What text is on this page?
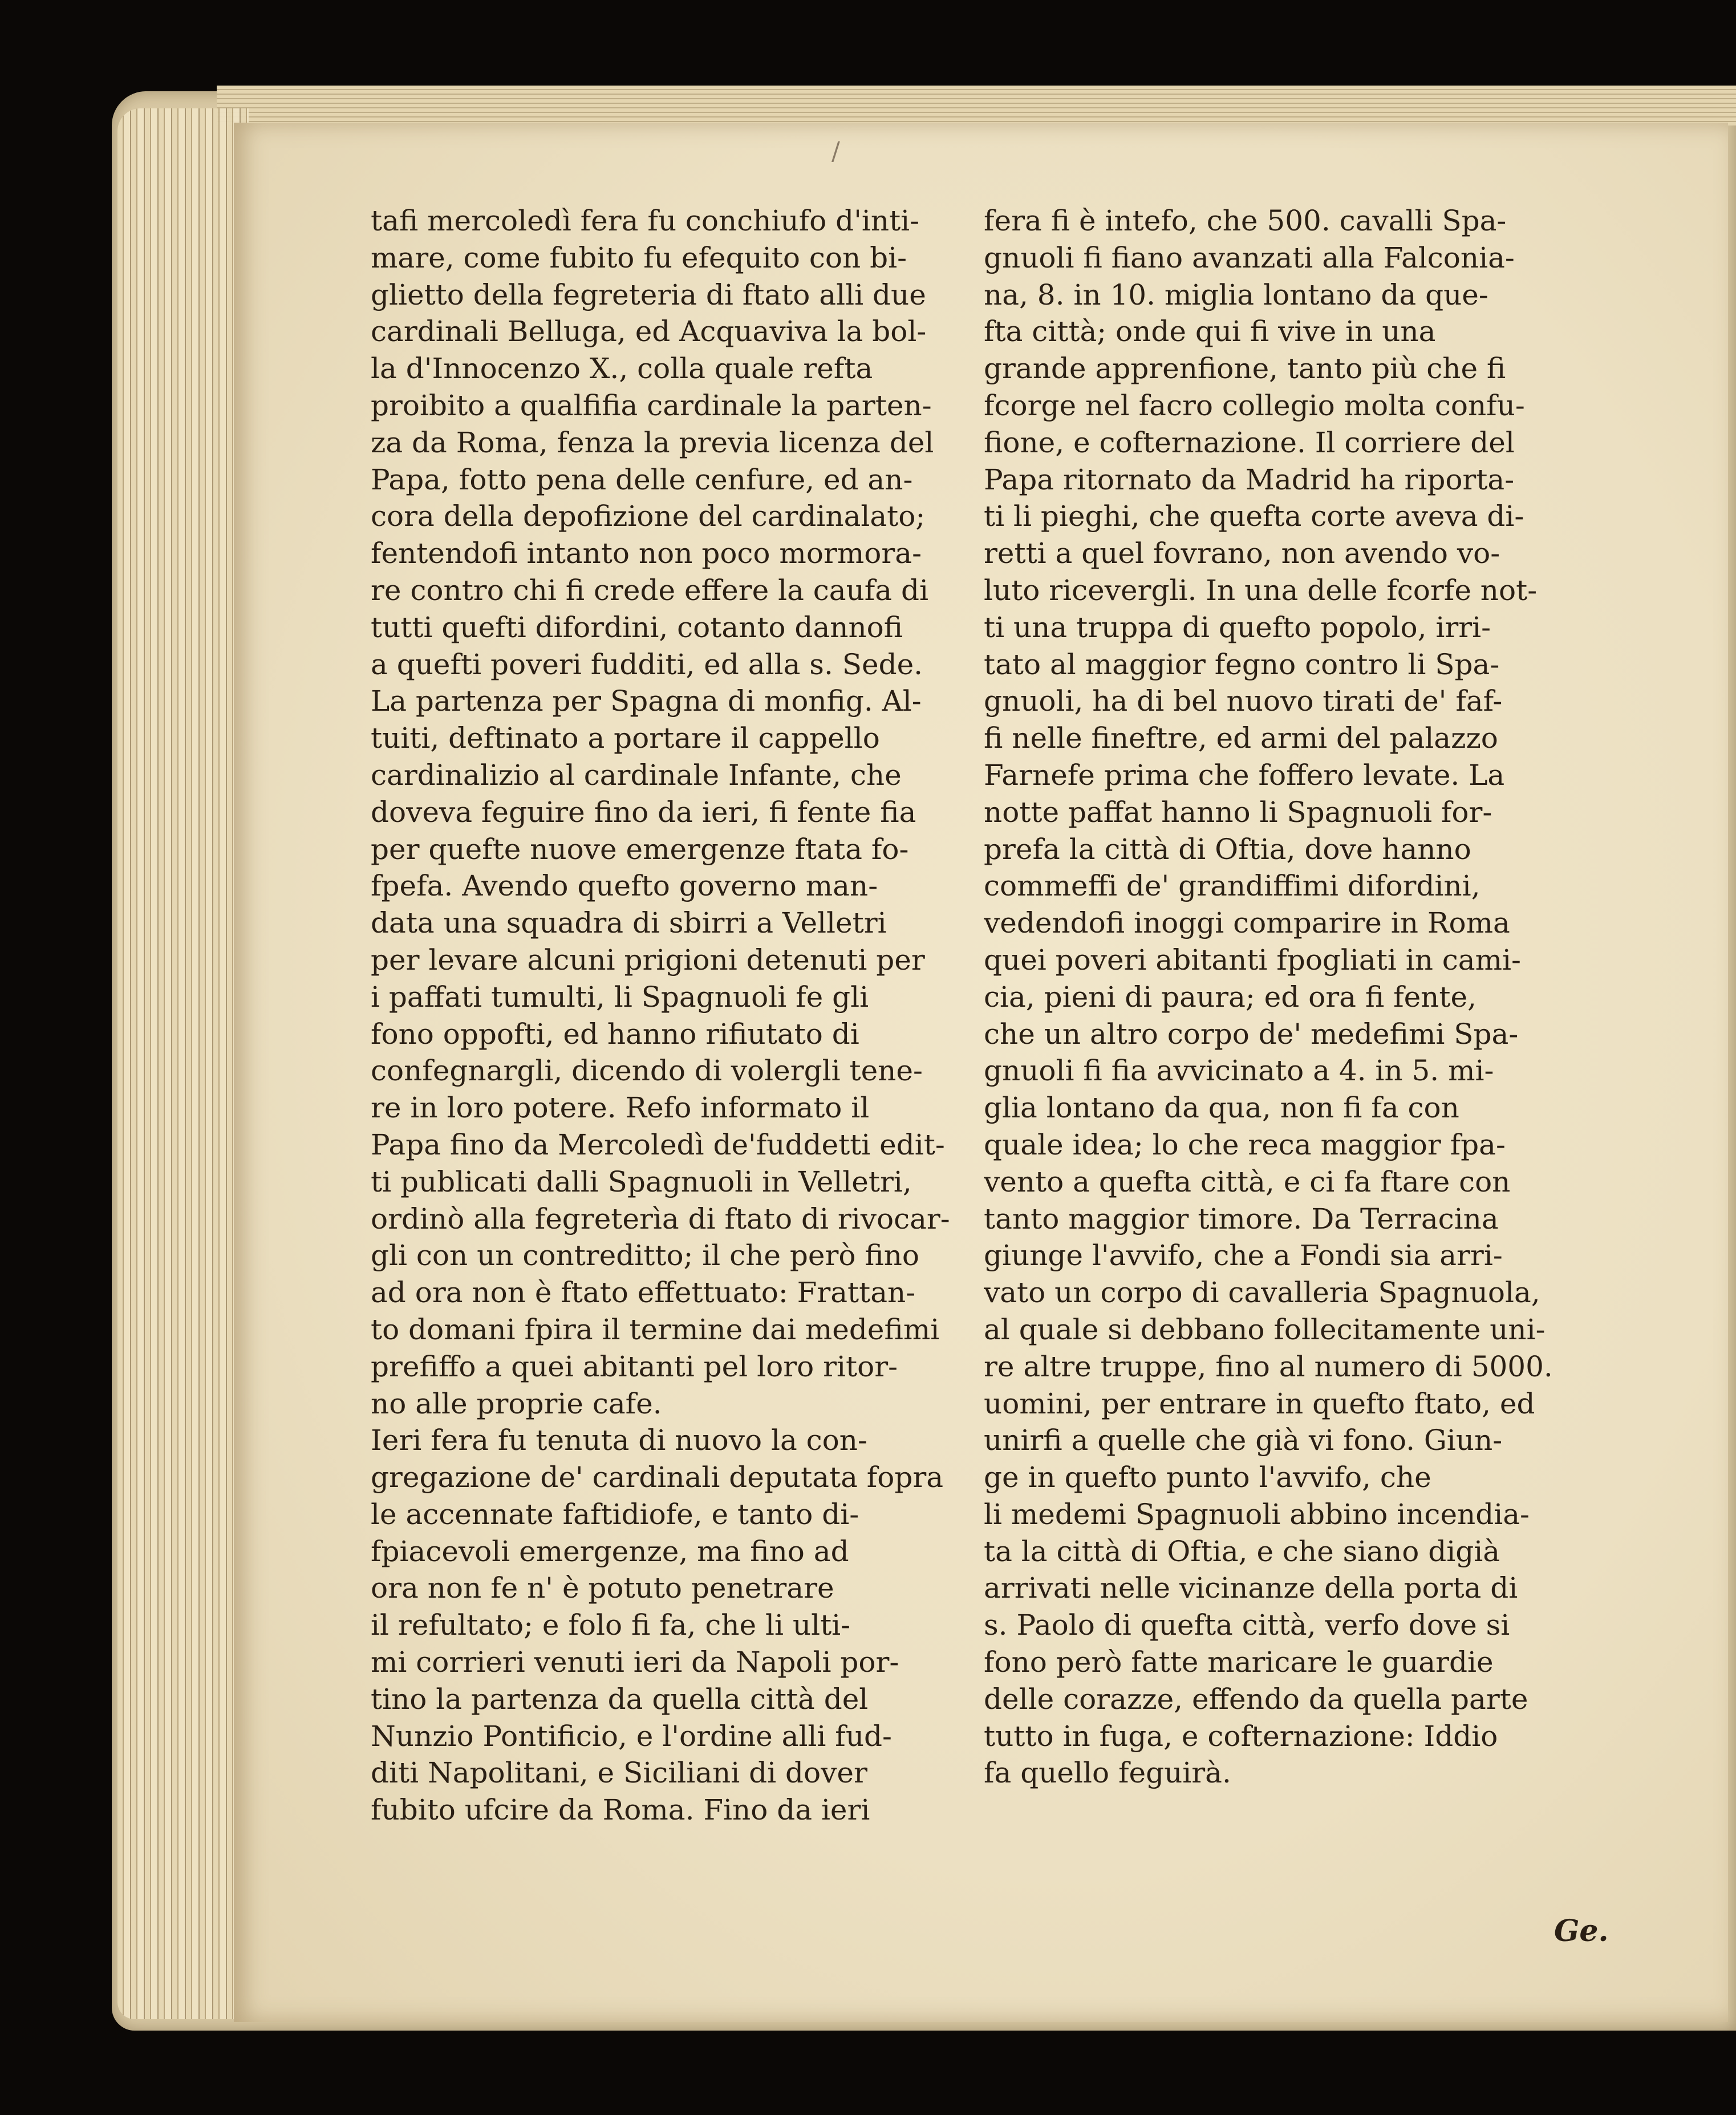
/
tafi mercoledì fera fu conchiufo d'inti-
mare, come fubito fu efequito con bi-
glietto della fegreteria di ftato alli due
cardinali Belluga, ed Acquaviva la bol-
la d'Innocenzo X., colla quale refta
proibito a qualfifia cardinale la parten-
za da Roma, fenza la previa licenza del
Papa, fotto pena delle cenfure, ed an-
cora della depofizione del cardinalato;
fentendofi intanto non poco mormora-
re contro chi fi crede effere la caufa di
tutti quefti difordini, cotanto dannofi
a quefti poveri fudditi, ed alla s. Sede.
La partenza per Spagna di monfig. Al-
tuiti, deftinato a portare il cappello
cardinalizio al cardinale Infante, che
doveva feguire fino da ieri, fi fente fia
per quefte nuove emergenze ftata fo-
fpefa. Avendo quefto governo man-
data una squadra di sbirri a Velletri
per levare alcuni prigioni detenuti per
i paffati tumulti, li Spagnuoli fe gli
fono oppofti, ed hanno rifiutato di
confegnargli, dicendo di volergli tene-
re in loro potere. Refo informato il
Papa fino da Mercoledì de'fuddetti edit-
ti publicati dalli Spagnuoli in Velletri,
ordinò alla fegreterìa di ftato di rivocar-
gli con un contreditto; il che però fino
ad ora non è ftato effettuato: Frattan-
to domani fpira il termine dai medefimi
prefiffo a quei abitanti pel loro ritor-
no alle proprie cafe.
Ieri fera fu tenuta di nuovo la con-
gregazione de' cardinali deputata fopra
le accennate faftidiofe, e tanto di-
fpiacevoli emergenze, ma fino ad
ora non fe n' è potuto penetrare
il refultato; e folo fi fa, che li ulti-
mi corrieri venuti ieri da Napoli por-
tino la partenza da quella città del
Nunzio Pontificio, e l'ordine alli fud-
diti Napolitani, e Siciliani di dover
fubito ufcire da Roma. Fino da ieri
fera fi è intefo, che 500. cavalli Spa-
gnuoli fi fiano avanzati alla Falconia-
na, 8. in 10. miglia lontano da que-
fta città; onde qui fi vive in una
grande apprenfione, tanto più che fi
fcorge nel facro collegio molta confu-
fione, e cofternazione. Il corriere del
Papa ritornato da Madrid ha riporta-
ti li pieghi, che quefta corte aveva di-
retti a quel fovrano, non avendo vo-
luto ricevergli. In una delle fcorfe not-
ti una truppa di quefto popolo, irri-
tato al maggior fegno contro li Spa-
gnuoli, ha di bel nuovo tirati de' faf-
fi nelle fineftre, ed armi del palazzo
Farnefe prima che foffero levate. La
notte paffat hanno li Spagnuoli for-
prefa la città di Oftia, dove hanno
commeffi de' grandiffimi difordini,
vedendofi inoggi comparire in Roma
quei poveri abitanti fpogliati in cami-
cia, pieni di paura; ed ora fi fente,
che un altro corpo de' medefimi Spa-
gnuoli fi fia avvicinato a 4. in 5. mi-
glia lontano da qua, non fi fa con
quale idea; lo che reca maggior fpa-
vento a quefta città, e ci fa ftare con
tanto maggior timore. Da Terracina
giunge l'avvifo, che a Fondi sia arri-
vato un corpo di cavalleria Spagnuola,
al quale si debbano follecitamente uni-
re altre truppe, fino al numero di 5000.
uomini, per entrare in quefto ftato, ed
unirfi a quelle che già vi fono. Giun-
ge in quefto punto l'avvifo, che
li medemi Spagnuoli abbino incendia-
ta la città di Oftia, e che siano digià
arrivati nelle vicinanze della porta di
s. Paolo di quefta città, verfo dove si
fono però fatte maricare le guardie
delle corazze, effendo da quella parte
tutto in fuga, e cofternazione: Iddio
fa quello feguirà.
Ge.
